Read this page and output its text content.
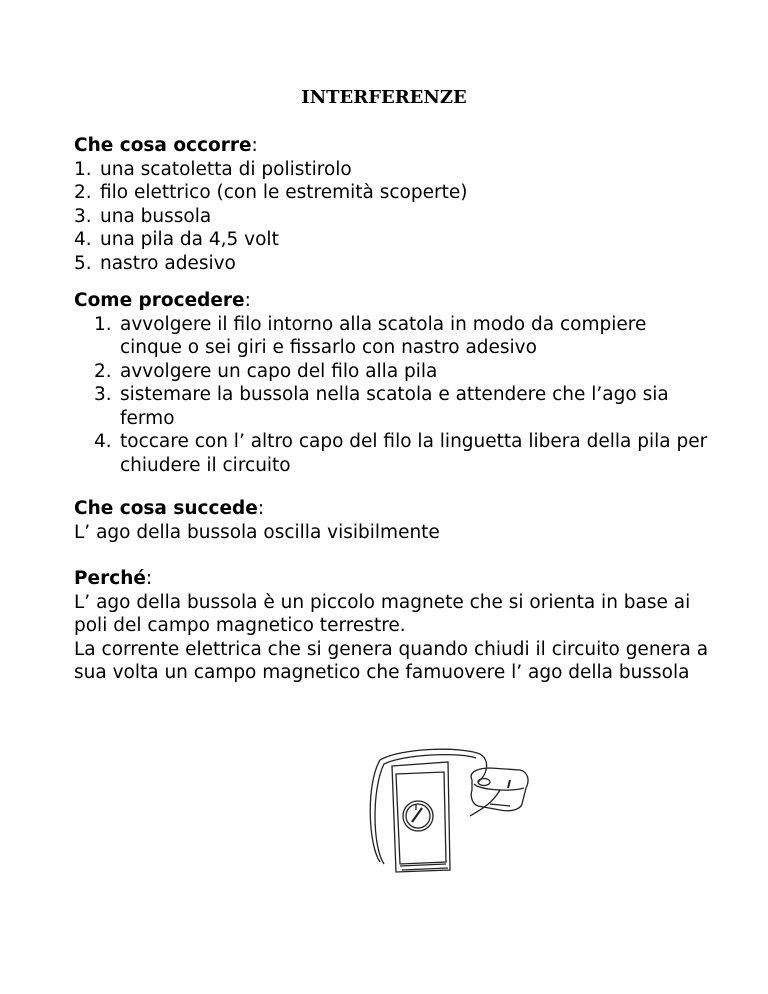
INTERFERENZE
Che cosa occorre:
1. una scatoletta di polistirolo
2. filo elettrico (con le estremità scoperte)
3. una bussola
4. una pila da 4,5 volt
5. nastro adesivo
Come procedere:
1. avvolgere il filo intorno alla scatola in modo da compiere cinque o sei giri e fissarlo con nastro adesivo
2. avvolgere un capo del filo alla pila
3. sistemare la bussola nella scatola e attendere che l’ago sia fermo
4. toccare con l’ altro capo del filo la linguetta libera della pila per chiudere il circuito
Che cosa succede:
L’ ago della bussola oscilla visibilmente
Perché:
L’ ago della bussola è un piccolo magnete che si orienta in base ai poli del campo magnetico terrestre.
La corrente elettrica che si genera quando chiudi il circuito genera a sua volta un campo magnetico che famuovere l’ ago della bussola
